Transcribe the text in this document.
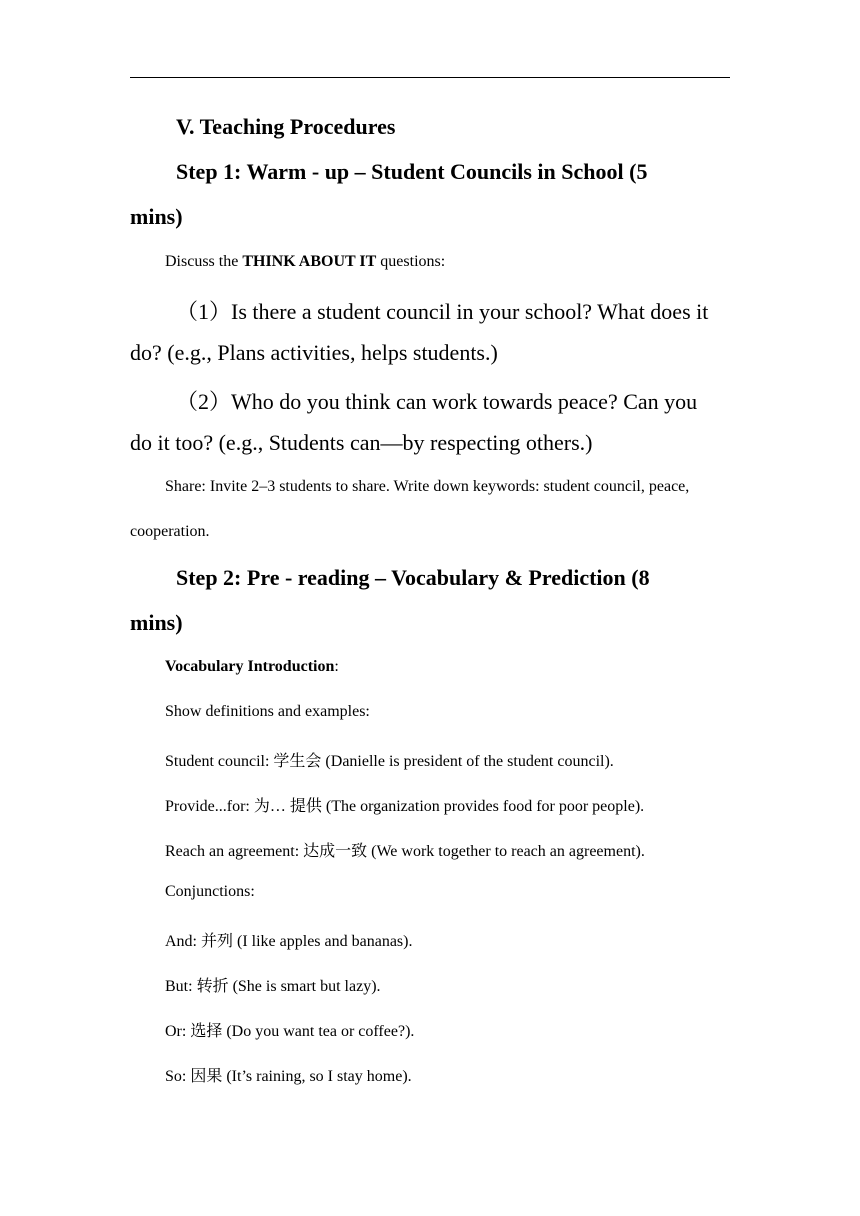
V. Teaching Procedures

Step 1: Warm - up – Student Councils in School (5

mins)

Discuss the THINK ABOUT IT questions:

（1）Is there a student council in your school? What does it

do? (e.g., Plans activities, helps students.)

（2）Who do you think can work towards peace? Can you

do it too? (e.g., Students can—by respecting others.)

Share: Invite 2–3 students to share. Write down keywords: student council, peace,

cooperation.

Step 2: Pre - reading – Vocabulary & Prediction (8

mins)

Vocabulary Introduction:

Show definitions and examples:

Student council: 学生会 (Danielle is president of the student council).

Provide...for: 为… 提供 (The organization provides food for poor people).

Reach an agreement: 达成一致 (We work together to reach an agreement).

Conjunctions:

And: 并列 (I like apples and bananas).

But: 转折 (She is smart but lazy).

Or: 选择 (Do you want tea or coffee?).

So: 因果 (It’s raining, so I stay home).
